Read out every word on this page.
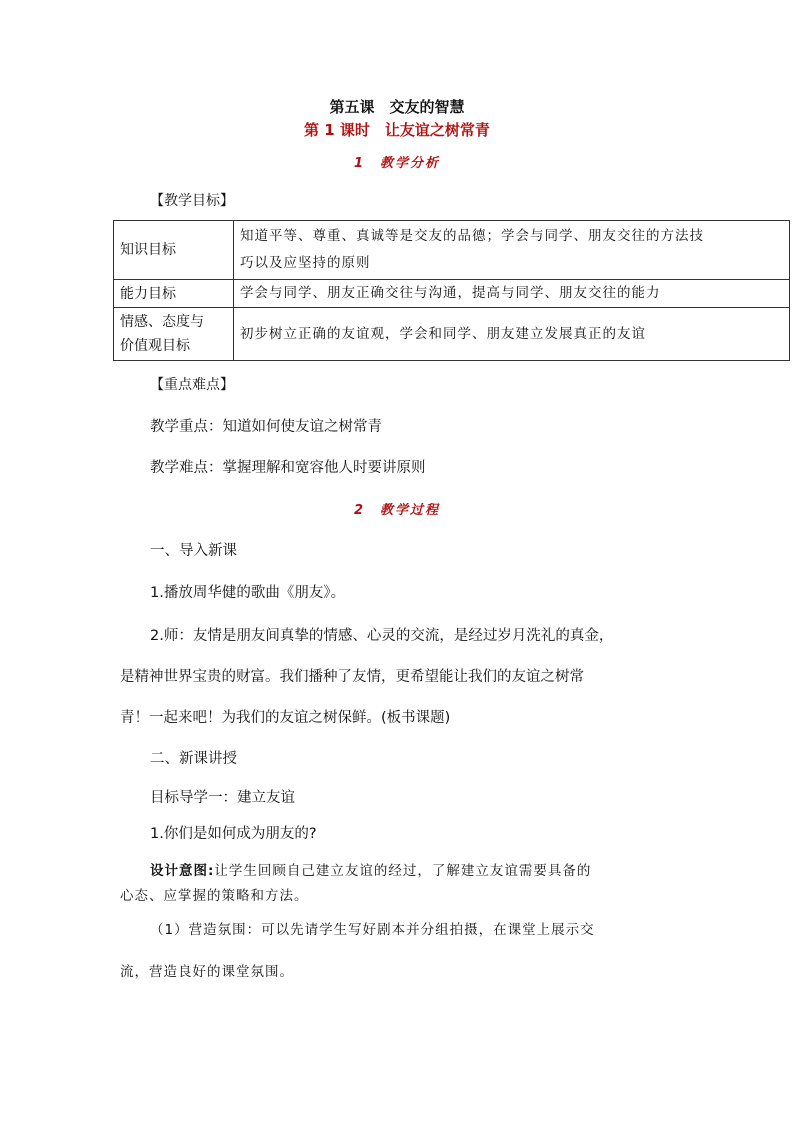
第五课　交友的智慧
第 1 课时　让友谊之树常青
1　教学分析
【教学目标】
知识目标	知道平等、尊重、真诚等是交友的品德；学会与同学、朋友交往的方法技
巧以及应坚持的原则

能力目标	学会与同学、朋友正确交往与沟通，提高与同学、朋友交往的能力

情感、态度与
价值观目标	初步树立正确的友谊观，学会和同学、朋友建立发展真正的友谊
【重点难点】
教学重点：知道如何使友谊之树常青
教学难点：掌握理解和宽容他人时要讲原则
2　教学过程
一、导入新课
1.播放周华健的歌曲《朋友》。
2.师：友情是朋友间真挚的情感、心灵的交流，是经过岁月洗礼的真金，
是精神世界宝贵的财富。我们播种了友情，更希望能让我们的友谊之树常
青！一起来吧！为我们的友谊之树保鲜。(板书课题)
二、新课讲授
目标导学一：建立友谊
1.你们是如何成为朋友的?
设计意图:让学生回顾自己建立友谊的经过，了解建立友谊需要具备的
心态、应掌握的策略和方法。
（1）营造氛围：可以先请学生写好剧本并分组拍摄，在课堂上展示交
流，营造良好的课堂氛围。
